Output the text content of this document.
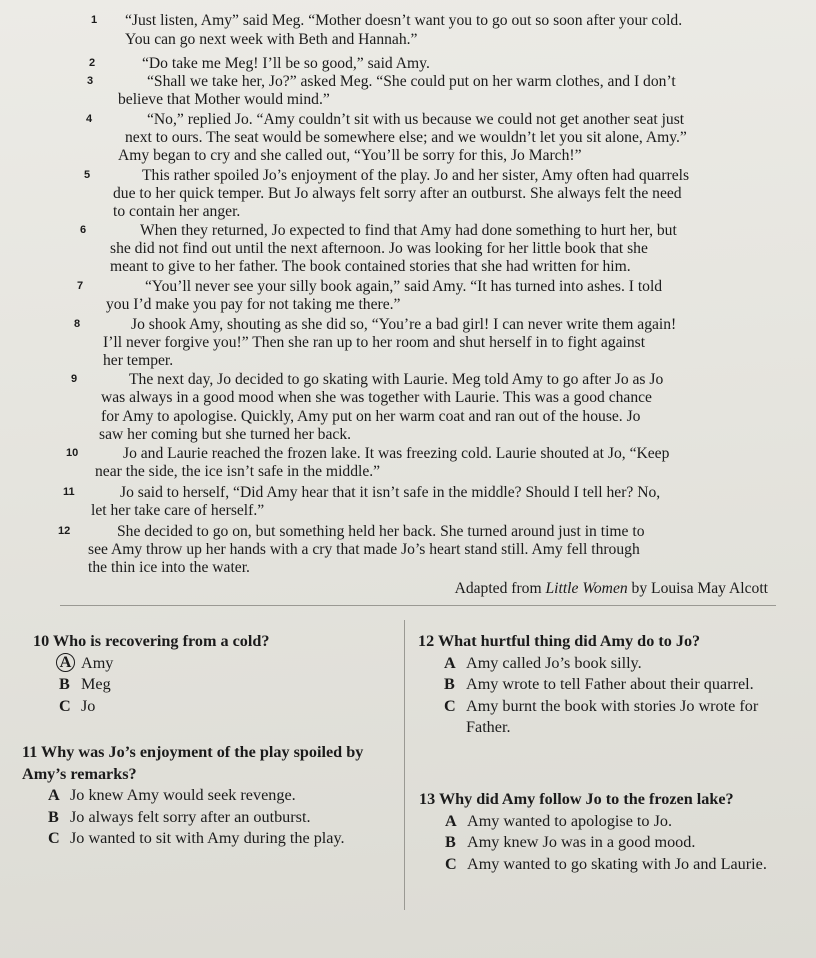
1 “Just listen, Amy” said Meg. “Mother doesn’t want you to go out so soon after your cold.
You can go next week with Beth and Hannah.”
2	“Do take me Meg! I’ll be so good,” said Amy.
3	“Shall we take her, Jo?” asked Meg. “She could put on her warm clothes, and I don’t
believe that Mother would mind.”
4	“No,” replied Jo. “Amy couldn’t sit with us because we could not get another seat just
next to ours. The seat would be somewhere else; and we wouldn’t let you sit alone, Amy.”
Amy began to cry and she called out, “You’ll be sorry for this, Jo March!”
5	This rather spoiled Jo’s enjoyment of the play. Jo and her sister, Amy often had quarrels
due to her quick temper. But Jo always felt sorry after an outburst. She always felt the need
to contain her anger.
6	When they returned, Jo expected to find that Amy had done something to hurt her, but
she did not find out until the next afternoon. Jo was looking for her little book that she
meant to give to her father. The book contained stories that she had written for him.
7	“You’ll never see your silly book again,” said Amy. “It has turned into ashes. I told
you I’d make you pay for not taking me there.”
8	Jo shook Amy, shouting as she did so, “You’re a bad girl! I can never write them again!
I’ll never forgive you!” Then she ran up to her room and shut herself in to fight against
her temper.
9	The next day, Jo decided to go skating with Laurie. Meg told Amy to go after Jo as Jo
was always in a good mood when she was together with Laurie. This was a good chance
for Amy to apologise. Quickly, Amy put on her warm coat and ran out of the house. Jo
saw her coming but she turned her back.
10	Jo and Laurie reached the frozen lake. It was freezing cold. Laurie shouted at Jo, “Keep
near the side, the ice isn’t safe in the middle.”
11	Jo said to herself, “Did Amy hear that it isn’t safe in the middle? Should I tell her? No,
let her take care of herself.”
12	She decided to go on, but something held her back. She turned around just in time to
see Amy throw up her hands with a cry that made Jo’s heart stand still. Amy fell through
the thin ice into the water.
Adapted from Little Women by Louisa May Alcott
10 Who is recovering from a cold?
A Amy
B Meg
C Jo
11 Why was Jo’s enjoyment of the play spoiled by Amy’s remarks?
A Jo knew Amy would seek revenge.
B Jo always felt sorry after an outburst.
C Jo wanted to sit with Amy during the play.
12 What hurtful thing did Amy do to Jo?
A Amy called Jo’s book silly.
B Amy wrote to tell Father about their quarrel.
C Amy burnt the book with stories Jo wrote for Father.
13 Why did Amy follow Jo to the frozen lake?
A Amy wanted to apologise to Jo.
B Amy knew Jo was in a good mood.
C Amy wanted to go skating with Jo and Laurie.
